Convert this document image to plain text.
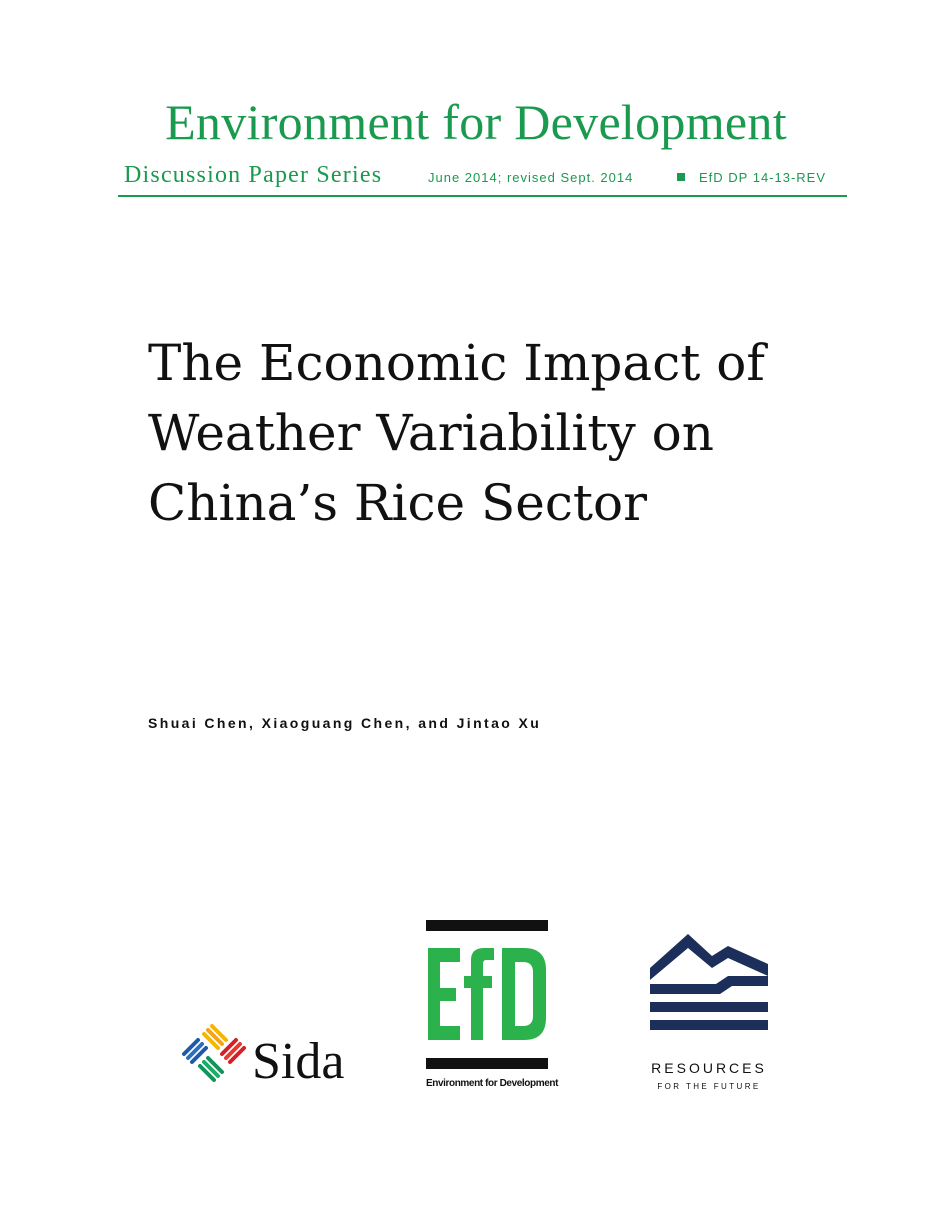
Environment for Development
Discussion Paper Series	June 2014; revised Sept. 2014	EfD DP 14-13-REV
The Economic Impact of
Weather Variability on
China’s Rice Sector
Shuai Chen, Xiaoguang Chen, and Jintao Xu
Sida	Environment for Development
RESOURCES
FOR THE FUTURE
